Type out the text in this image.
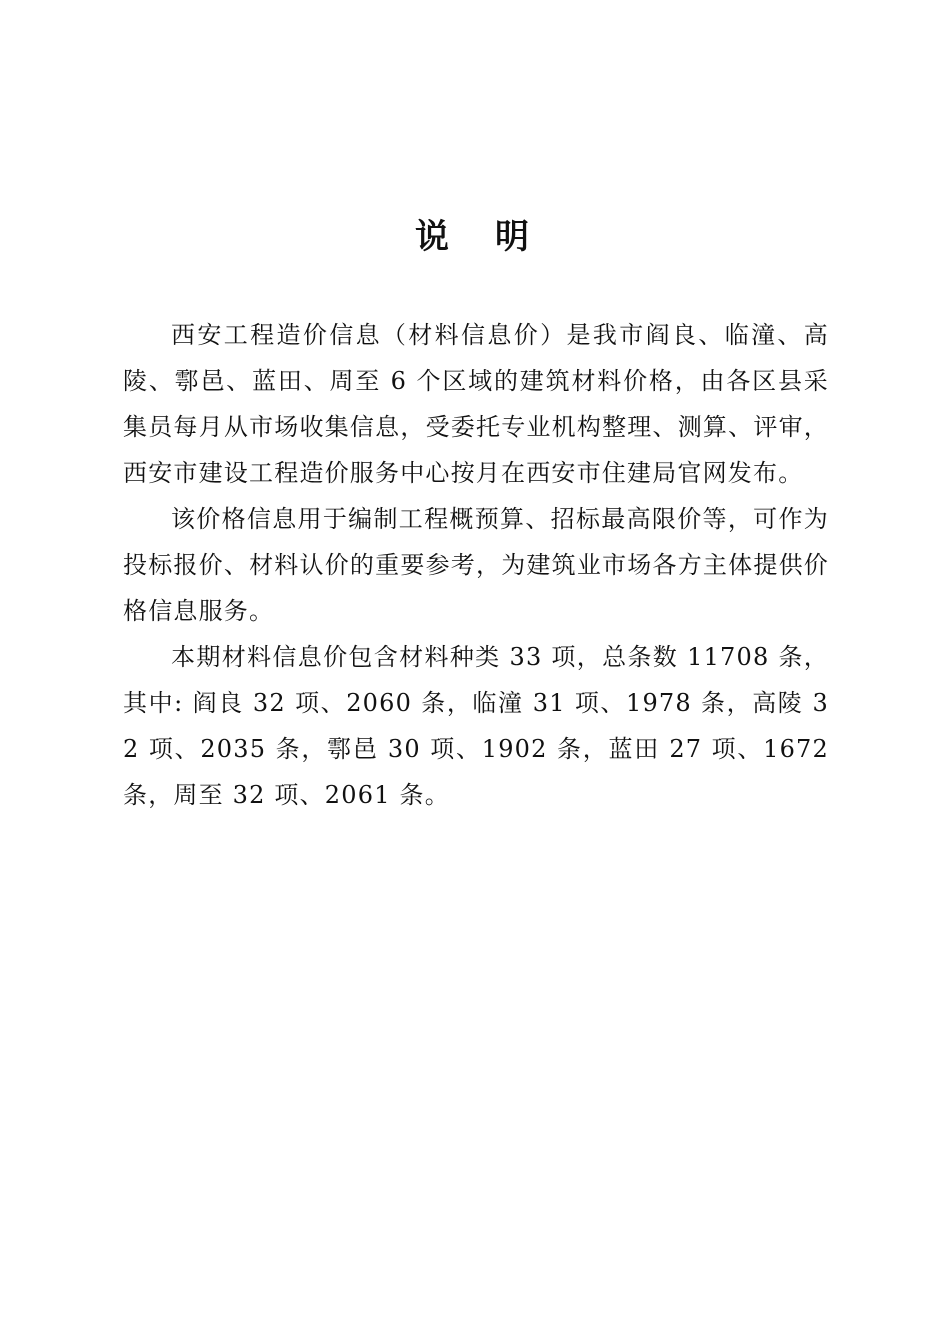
说　明

西安工程造价信息（材料信息价）是我市阎良、临潼、高陵、鄠邑、蓝田、周至 6 个区域的建筑材料价格，由各区县采集员每月从市场收集信息，受委托专业机构整理、测算、评审，西安市建设工程造价服务中心按月在西安市住建局官网发布。

该价格信息用于编制工程概预算、招标最高限价等，可作为投标报价、材料认价的重要参考，为建筑业市场各方主体提供价格信息服务。

本期材料信息价包含材料种类 33 项，总条数 11708 条，其中: 阎良 32 项、2060 条，临潼 31 项、1978 条，高陵 32 项、2035 条，鄠邑 30 项、1902 条，蓝田 27 项、1672 条，周至 32 项、2061 条。
